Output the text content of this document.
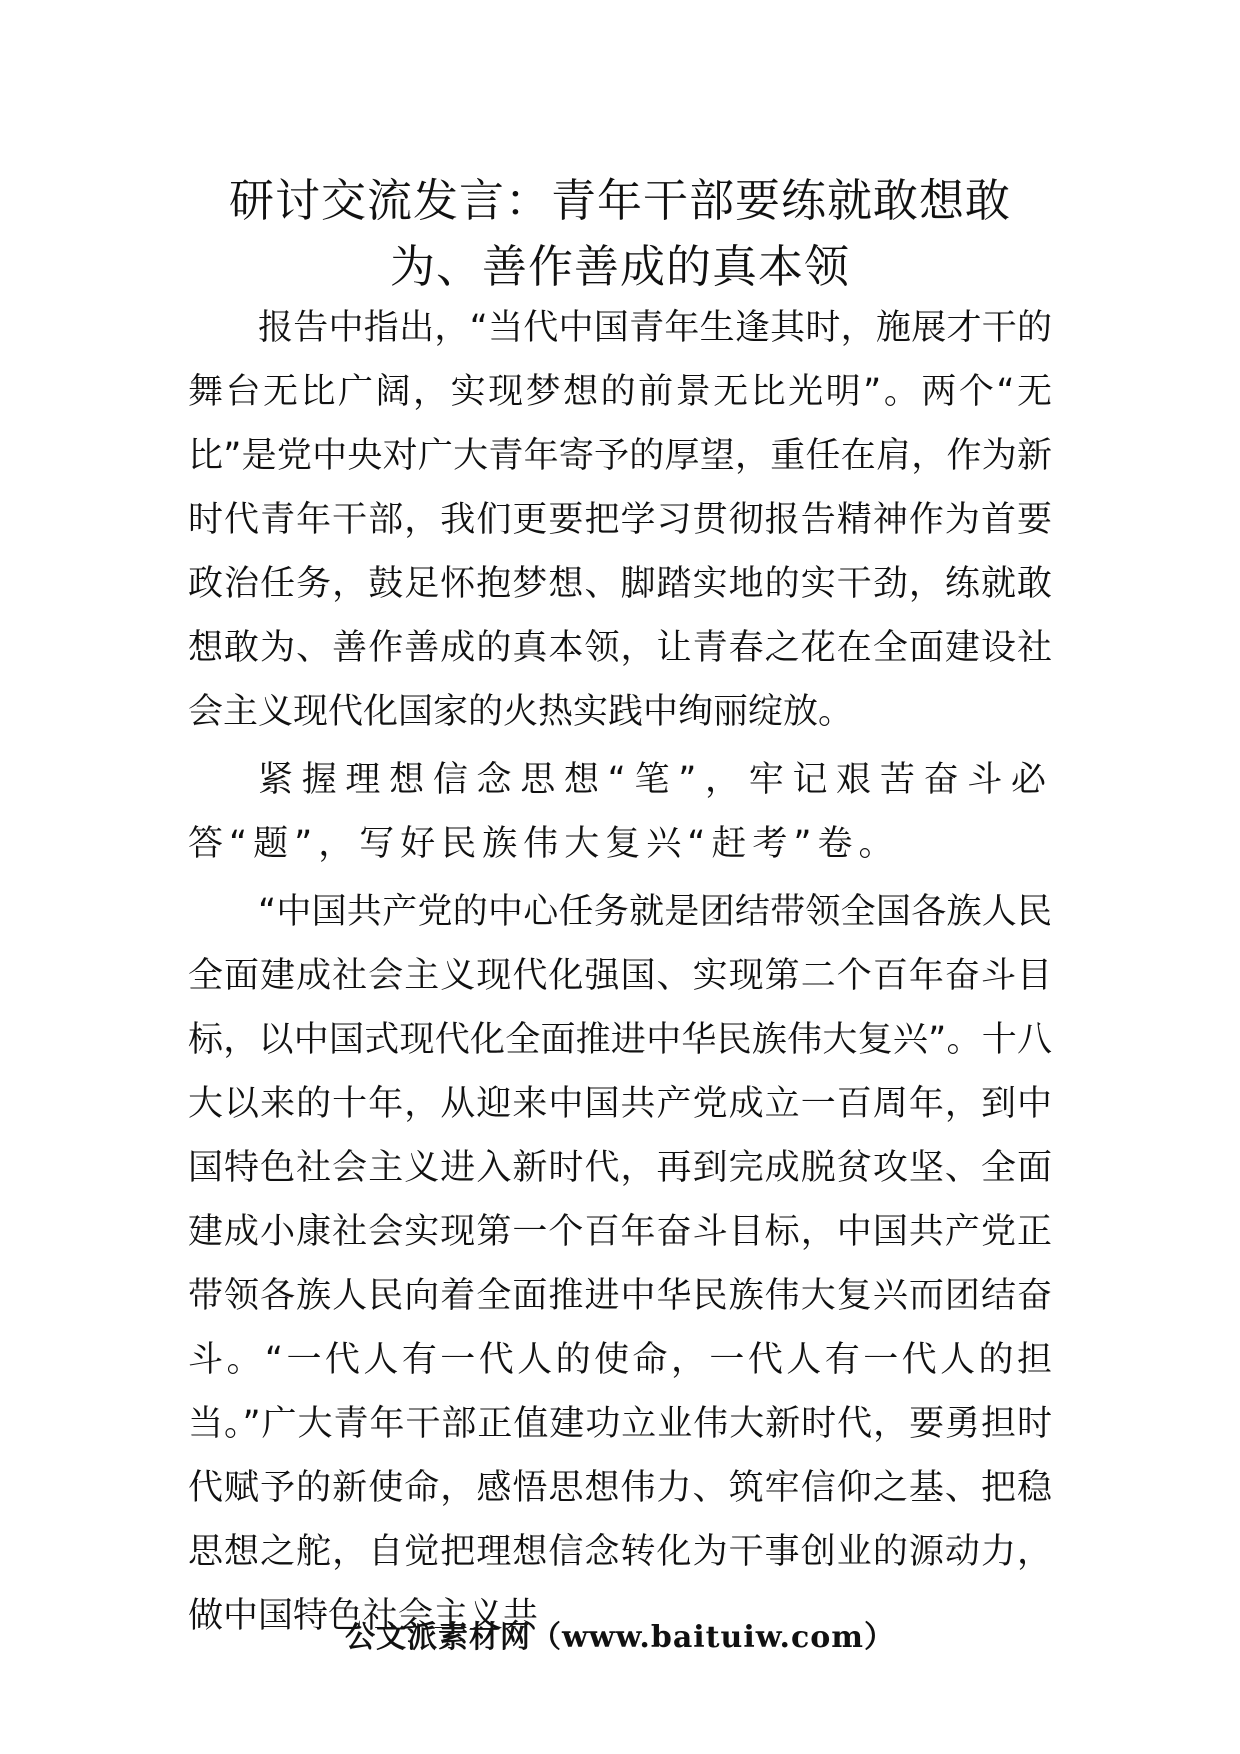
研讨交流发言：青年干部要练就敢想敢
为、善作善成的真本领

报告中指出，“当代中国青年生逢其时，施展才干的舞台无比广阔，实现梦想的前景无比光明”。两个“无比”是党中央对广大青年寄予的厚望，重任在肩，作为新时代青年干部，我们更要把学习贯彻报告精神作为首要政治任务，鼓足怀抱梦想、脚踏实地的实干劲，练就敢想敢为、善作善成的真本领，让青春之花在全面建设社会主义现代化国家的火热实践中绚丽绽放。

紧握理想信念思想“笔”，牢记艰苦奋斗必答“题”，写好民族伟大复兴“赶考”卷。

“中国共产党的中心任务就是团结带领全国各族人民全面建成社会主义现代化强国、实现第二个百年奋斗目标，以中国式现代化全面推进中华民族伟大复兴”。十八大以来的十年，从迎来中国共产党成立一百周年，到中国特色社会主义进入新时代，再到完成脱贫攻坚、全面建成小康社会实现第一个百年奋斗目标，中国共产党正带领各族人民向着全面推进中华民族伟大复兴而团结奋斗。“一代人有一代人的使命，一代人有一代人的担当。”广大青年干部正值建功立业伟大新时代，要勇担时代赋予的新使命，感悟思想伟力、筑牢信仰之基、把稳思想之舵，自觉把理想信念转化为干事创业的源动力，做中国特色社会主义共

公文派素材网（www.baituiw.com）
